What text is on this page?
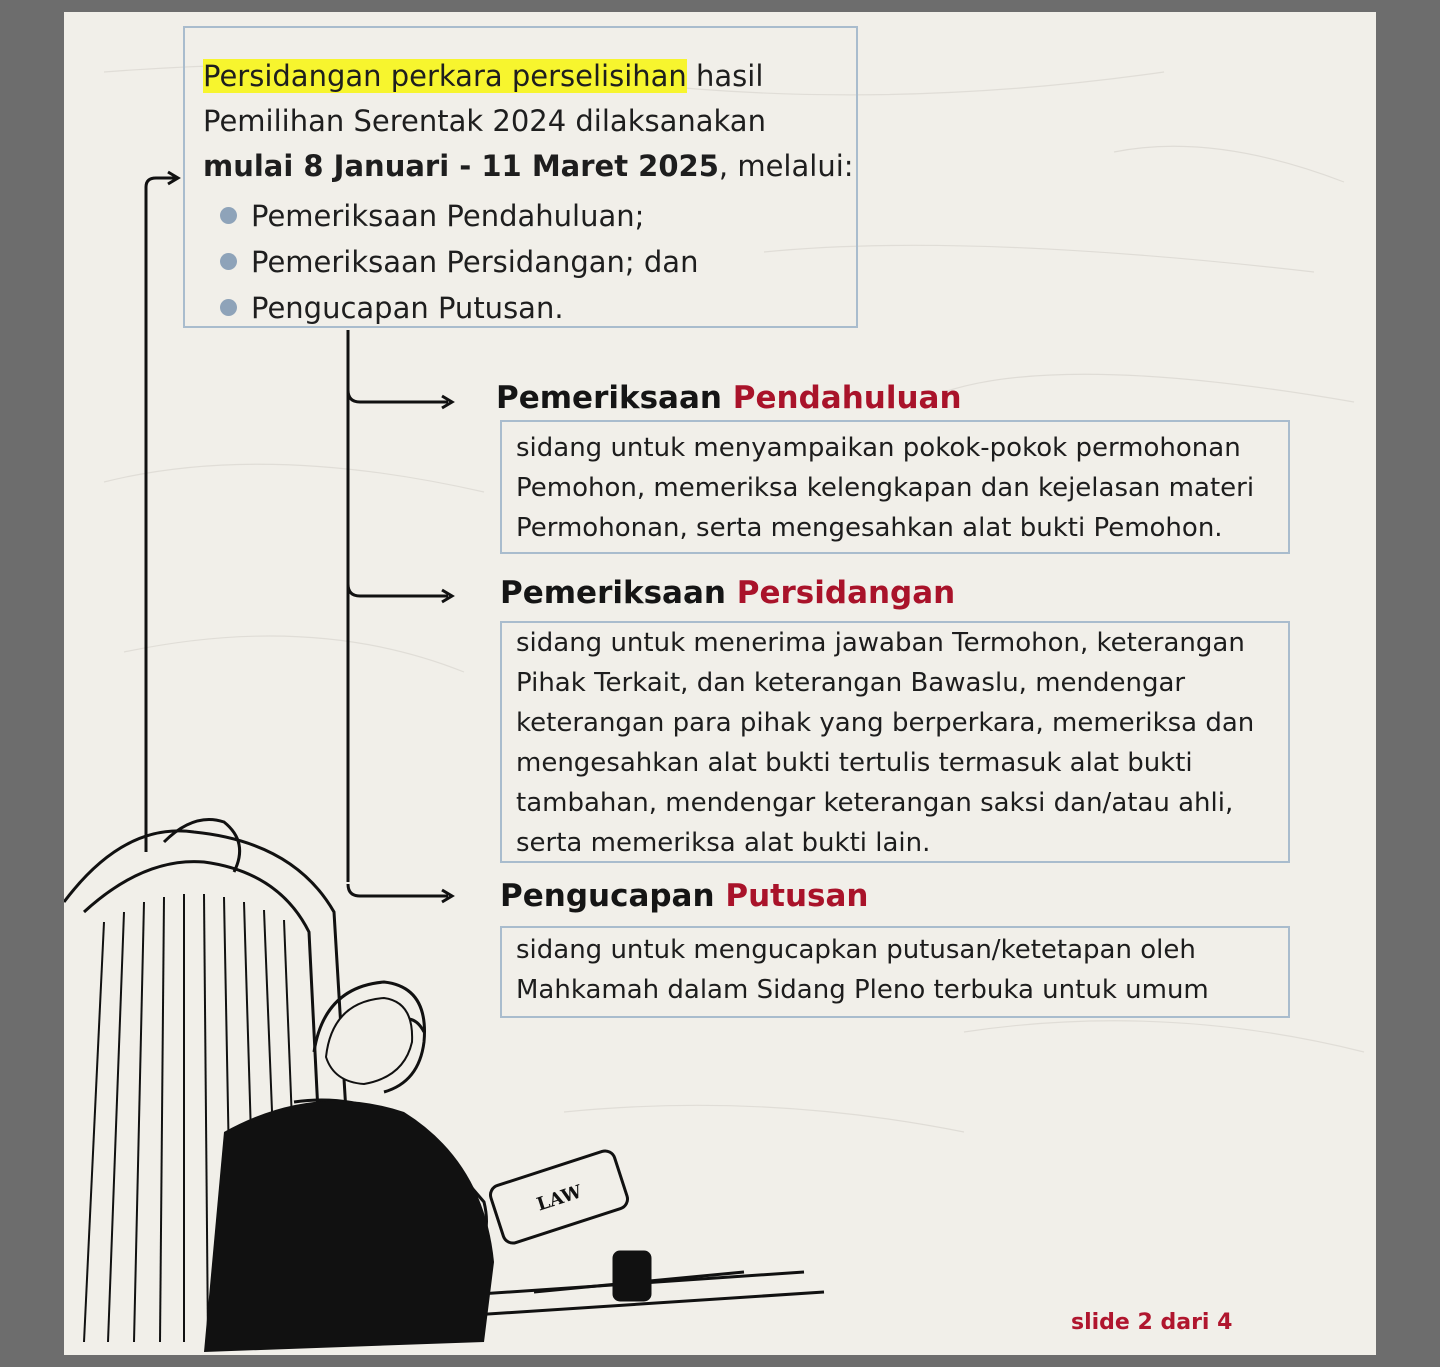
LAW

Persidangan perkara perselisihan hasil
Pemilihan Serentak 2024 dilaksanakan
mulai 8 Januari - 11 Maret 2025, melalui:

Pemeriksaan Pendahuluan;
Pemeriksaan Persidangan; dan
Pengucapan Putusan.
Pemeriksaan Pendahuluan
sidang untuk menyampaikan pokok-pokok permohonan
Pemohon, memeriksa kelengkapan dan kejelasan materi
Permohonan, serta mengesahkan alat bukti Pemohon.
Pemeriksaan Persidangan
sidang untuk menerima jawaban Termohon, keterangan
Pihak Terkait, dan keterangan Bawaslu, mendengar
keterangan para pihak yang berperkara, memeriksa dan
mengesahkan alat bukti tertulis termasuk alat bukti
tambahan, mendengar keterangan saksi dan/atau ahli,
serta memeriksa alat bukti lain.
Pengucapan Putusan
sidang untuk mengucapkan putusan/ketetapan oleh
Mahkamah dalam Sidang Pleno terbuka untuk umum
slide 2 dari 4
